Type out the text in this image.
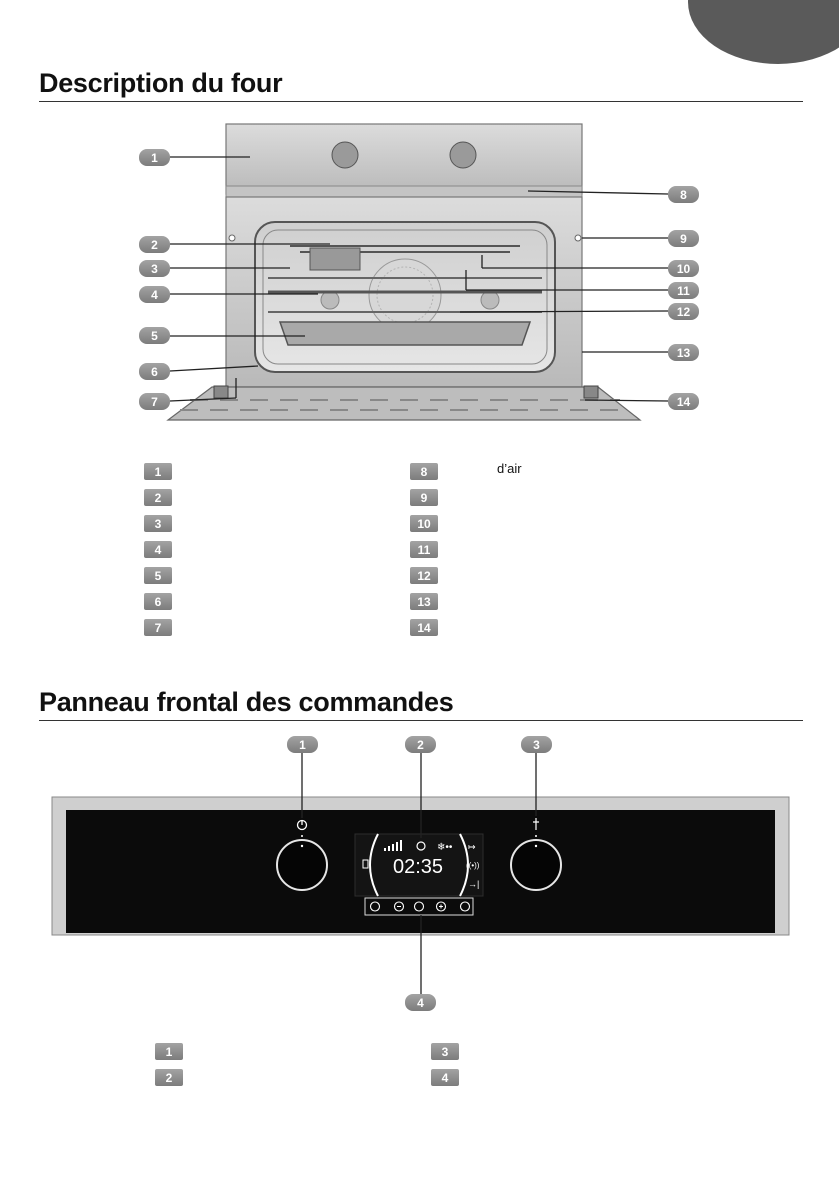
Description du four
1
2
3
4
5
6
7
8
9
10
11
12
13
14
1
2
3
4
5
6
7
8	d’air
9
10
11
12
13
14
Panneau frontal des commandes
❄•• ↦
((•))
→|
02:35
1	2	3
4
1
2
3
4
